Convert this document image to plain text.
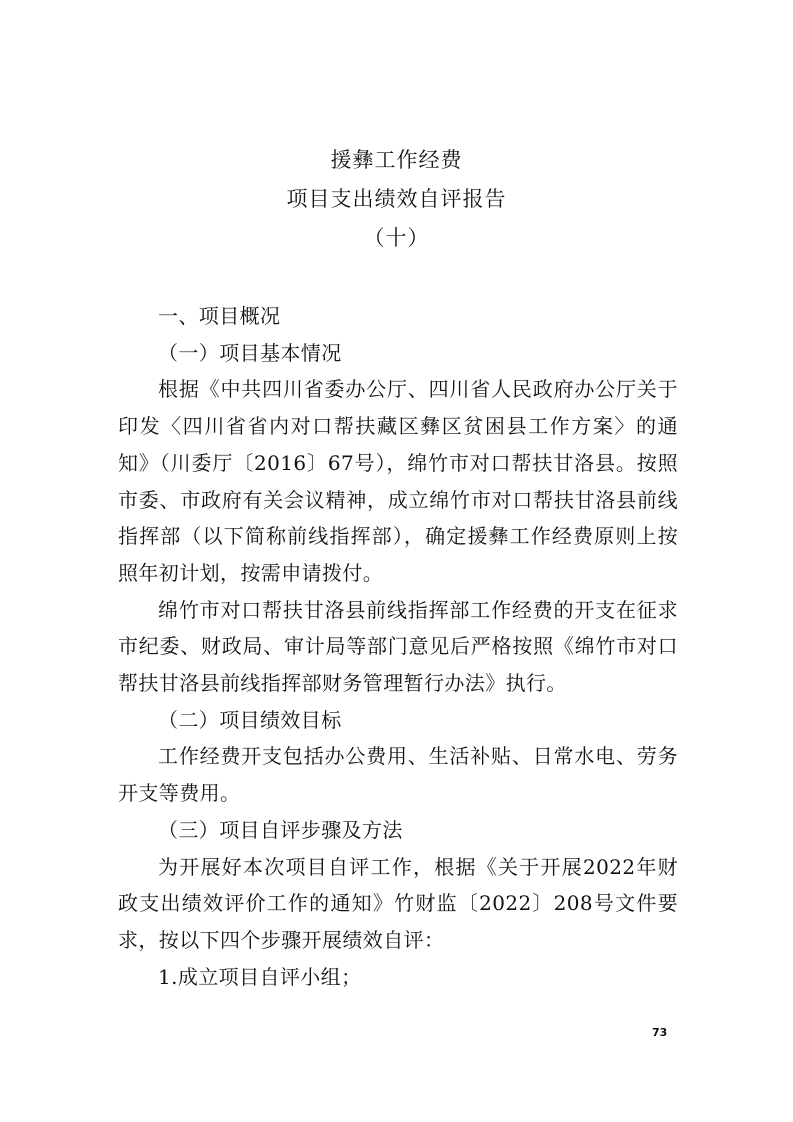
援彝工作经费
项目支出绩效自评报告
（十）

一、项目概况

（一）项目基本情况

根据《中共四川省委办公厅、四川省人民政府办公厅关于印发〈四川省省内对口帮扶藏区彝区贫困县工作方案〉的通知》（川委厅〔2016〕67号），绵竹市对口帮扶甘洛县。按照市委、市政府有关会议精神，成立绵竹市对口帮扶甘洛县前线指挥部（以下简称前线指挥部），确定援彝工作经费原则上按照年初计划，按需申请拨付。

绵竹市对口帮扶甘洛县前线指挥部工作经费的开支在征求市纪委、财政局、审计局等部门意见后严格按照《绵竹市对口帮扶甘洛县前线指挥部财务管理暂行办法》执行。

（二）项目绩效目标

工作经费开支包括办公费用、生活补贴、日常水电、劳务开支等费用。

（三）项目自评步骤及方法

为开展好本次项目自评工作，根据《关于开展2022年财政支出绩效评价工作的通知》竹财监〔2022〕208号文件要求，按以下四个步骤开展绩效自评：

1.成立项目自评小组；

73
